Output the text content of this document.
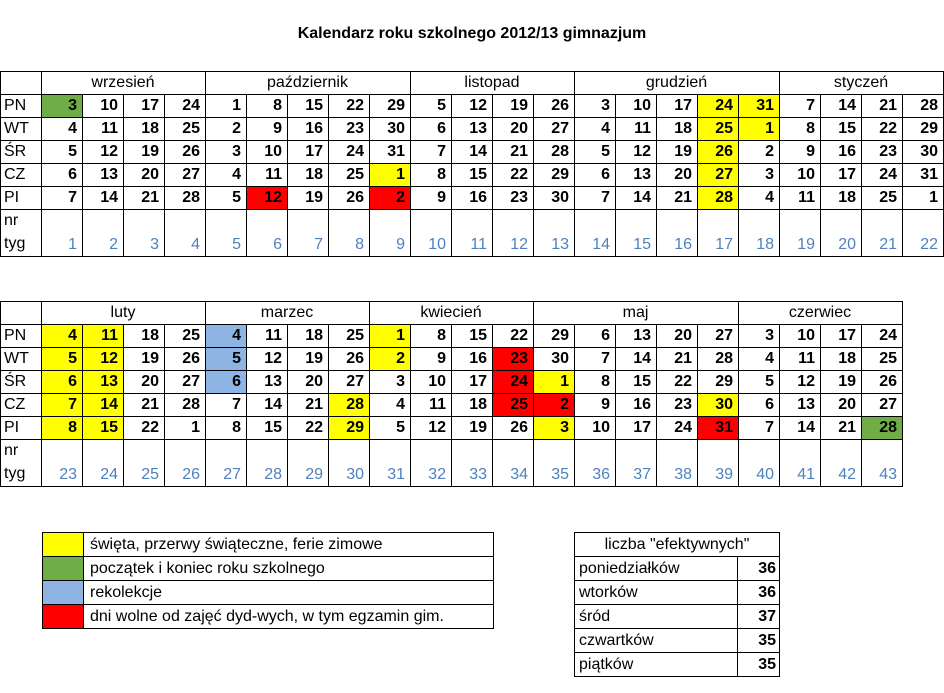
Kalendarz roku szkolnego 2012/13 gimnazjum
wrzesień	październik	listopad	grudzień	styczeń
PN	3	10	17	24	1	8	15	22	29	5	12	19	26	3	10	17	24	31	7	14	21	28
WT	4	11	18	25	2	9	16	23	30	6	13	20	27	4	11	18	25	1	8	15	22	29
ŚR	5	12	19	26	3	10	17	24	31	7	14	21	28	5	12	19	26	2	9	16	23	30
CZ	6	13	20	27	4	11	18	25	1	8	15	22	29	6	13	20	27	3	10	17	24	31
PI	7	14	21	28	5	12	19	26	2	9	16	23	30	7	14	21	28	4	11	18	25	1
nr
tyg	1	2	3	4	5	6	7	8	9	10	11	12	13	14	15	16	17	18	19	20	21	22
luty	marzec	kwiecień	maj	czerwiec
PN	4	11	18	25	4	11	18	25	1	8	15	22	29	6	13	20	27	3	10	17	24
WT	5	12	19	26	5	12	19	26	2	9	16	23	30	7	14	21	28	4	11	18	25
ŚR	6	13	20	27	6	13	20	27	3	10	17	24	1	8	15	22	29	5	12	19	26
CZ	7	14	21	28	7	14	21	28	4	11	18	25	2	9	16	23	30	6	13	20	27
PI	8	15	22	1	8	15	22	29	5	12	19	26	3	10	17	24	31	7	14	21	28
nr
tyg	23	24	25	26	27	28	29	30	31	32	33	34	35	36	37	38	39	40	41	42	43
święta, przerwy świąteczne, ferie zimowe
początek i koniec roku szkolnego
rekolekcje
dni wolne od zajęć dyd-wych, w tym egzamin gim.
liczba "efektywnych"
poniedziałków	36
wtorków	36
śród	37
czwartków	35
piątków	35
